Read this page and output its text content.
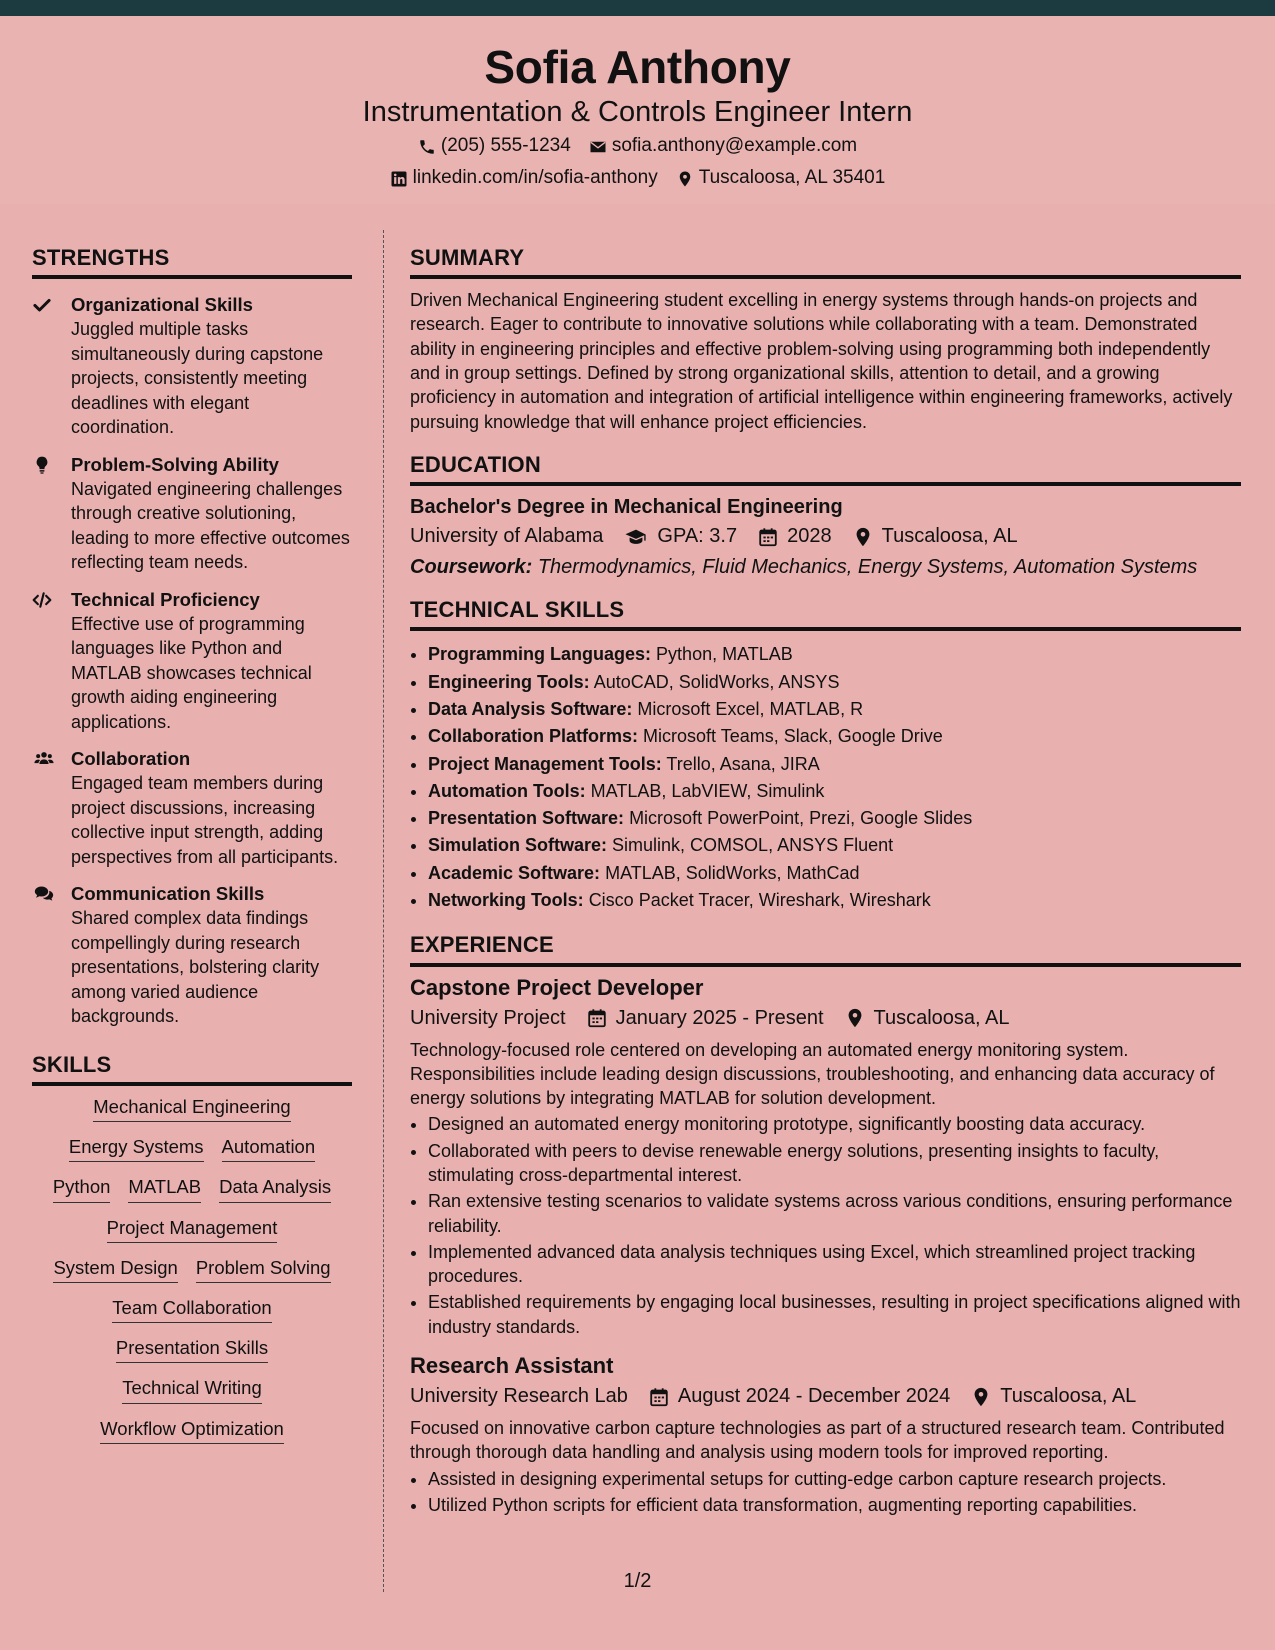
Sofia Anthony
Instrumentation & Controls Engineer Intern
(205) 555-1234 sofia.anthony@example.com
linkedin.com/in/sofia-anthony Tuscaloosa, AL 35401
STRENGTHS
Organizational Skills
Juggled multiple tasks simultaneously during capstone projects, consistently meeting deadlines with elegant coordination.
Problem-Solving Ability
Navigated engineering challenges through creative solutioning, leading to more effective outcomes reflecting team needs.
Technical Proficiency
Effective use of programming languages like Python and MATLAB showcases technical growth aiding engineering applications.
Collaboration
Engaged team members during project discussions, increasing collective input strength, adding perspectives from all participants.
Communication Skills
Shared complex data findings compellingly during research presentations, bolstering clarity among varied audience backgrounds.
SKILLS
Mechanical Engineering
Energy Systems Automation
Python MATLAB Data Analysis
Project Management
System Design Problem Solving
Team Collaboration
Presentation Skills
Technical Writing
Workflow Optimization
SUMMARY

Driven Mechanical Engineering student excelling in energy systems through hands-on projects and research. Eager to contribute to innovative solutions while collaborating with a team. Demonstrated ability in engineering principles and effective problem-solving using programming both independently and in group settings. Defined by strong organizational skills, attention to detail, and a growing proficiency in automation and integration of artificial intelligence within engineering frameworks, actively pursuing knowledge that will enhance project efficiencies.

EDUCATION
Bachelor's Degree in Mechanical Engineering
University of Alabama	GPA: 3.7	2028	Tuscaloosa, AL
Coursework: Thermodynamics, Fluid Mechanics, Energy Systems, Automation Systems
TECHNICAL SKILLS
• Programming Languages: Python, MATLAB
• Engineering Tools: AutoCAD, SolidWorks, ANSYS
• Data Analysis Software: Microsoft Excel, MATLAB, R
• Collaboration Platforms: Microsoft Teams, Slack, Google Drive
• Project Management Tools: Trello, Asana, JIRA
• Automation Tools: MATLAB, LabVIEW, Simulink
• Presentation Software: Microsoft PowerPoint, Prezi, Google Slides
• Simulation Software: Simulink, COMSOL, ANSYS Fluent
• Academic Software: MATLAB, SolidWorks, MathCad
• Networking Tools: Cisco Packet Tracer, Wireshark, Wireshark
EXPERIENCE
Capstone Project Developer
University Project	January 2025 - Present	Tuscaloosa, AL

Technology-focused role centered on developing an automated energy monitoring system. Responsibilities include leading design discussions, troubleshooting, and enhancing data accuracy of energy solutions by integrating MATLAB for solution development.

• Designed an automated energy monitoring prototype, significantly boosting data accuracy.
• Collaborated with peers to devise renewable energy solutions, presenting insights to faculty, stimulating cross-departmental interest.
• Ran extensive testing scenarios to validate systems across various conditions, ensuring performance reliability.
• Implemented advanced data analysis techniques using Excel, which streamlined project tracking procedures.
• Established requirements by engaging local businesses, resulting in project specifications aligned with industry standards.
Research Assistant
University Research Lab	August 2024 - December 2024	Tuscaloosa, AL

Focused on innovative carbon capture technologies as part of a structured research team. Contributed through thorough data handling and analysis using modern tools for improved reporting.

• Assisted in designing experimental setups for cutting-edge carbon capture research projects.
• Utilized Python scripts for efficient data transformation, augmenting reporting capabilities.
1/2
